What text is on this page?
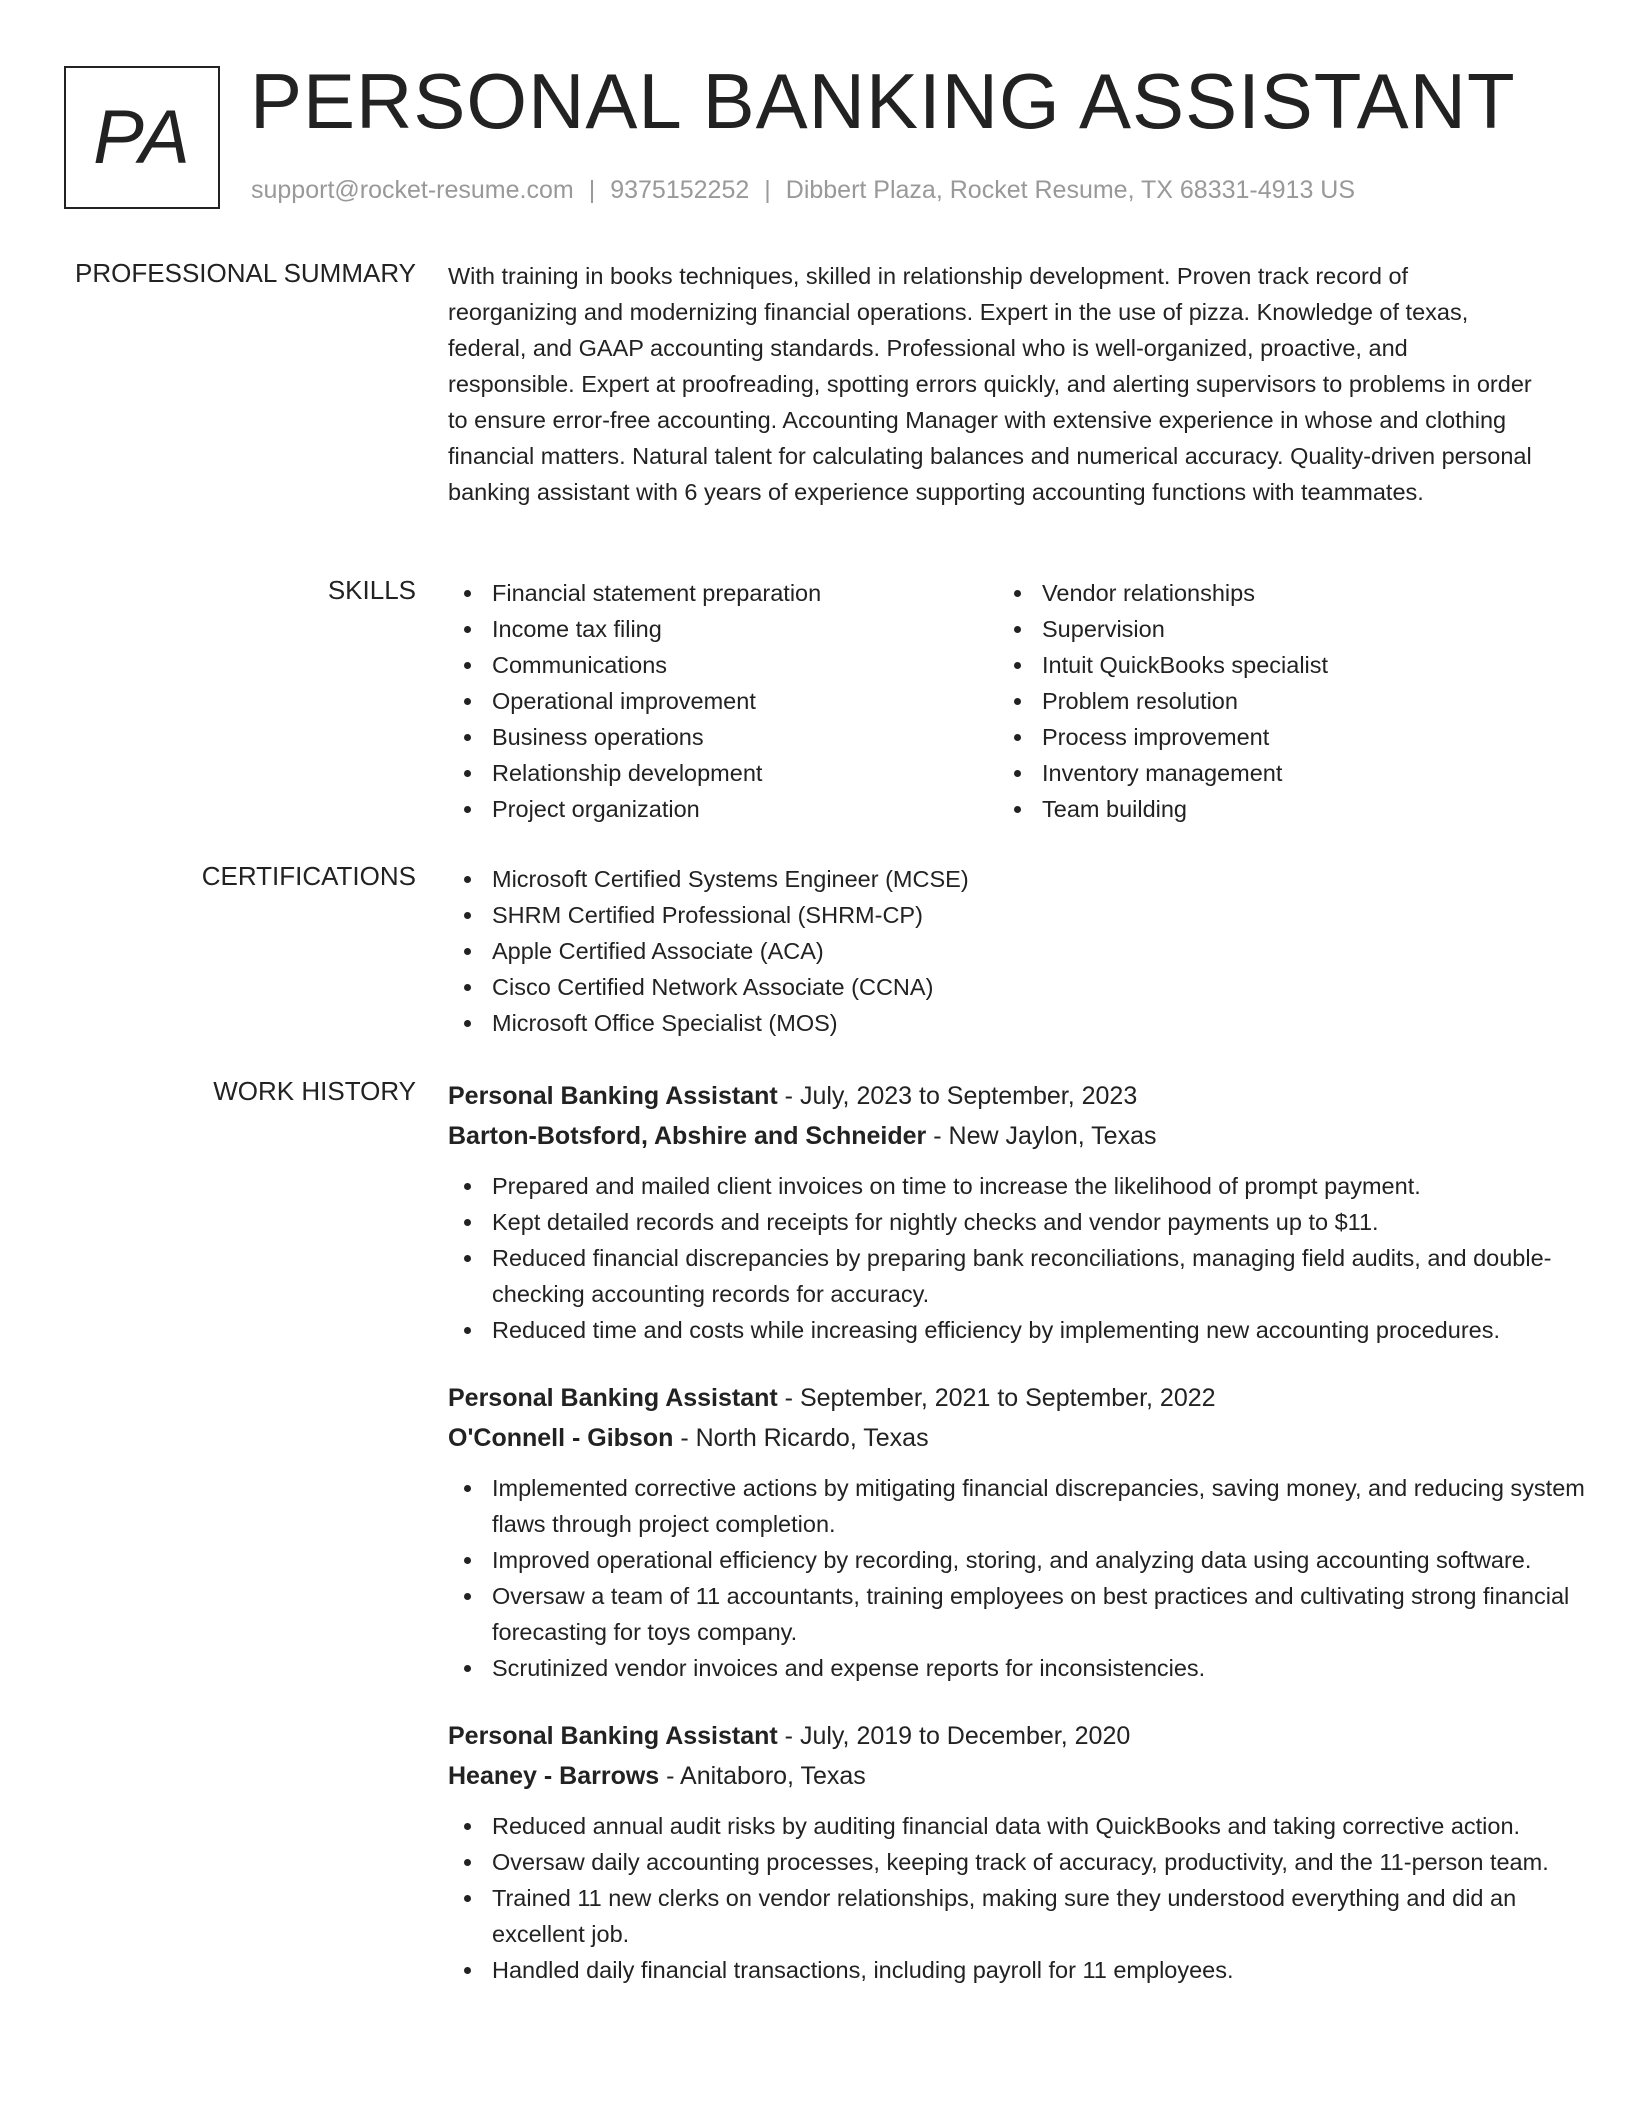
PA PERSONAL BANKING ASSISTANT
support@rocket-resume.com | 9375152252 | Dibbert Plaza, Rocket Resume, TX 68331-4913 US
PROFESSIONAL SUMMARY With training in books techniques, skilled in relationship development. Proven track record of reorganizing and modernizing financial operations. Expert in the use of pizza. Knowledge of texas, federal, and GAAP accounting standards. Professional who is well-organized, proactive, and responsible. Expert at proofreading, spotting errors quickly, and alerting supervisors to problems in order to ensure error-free accounting. Accounting Manager with extensive experience in whose and clothing financial matters. Natural talent for calculating balances and numerical accuracy. Quality-driven personal banking assistant with 6 years of experience supporting accounting functions with teammates.

SKILLS	Financial statement preparation
Income tax filing
Communications
Operational improvement
Business operations
Relationship development
Project organization
Vendor relationships
Supervision
Intuit QuickBooks specialist
Problem resolution
Process improvement
Inventory management
Team building
CERTIFICATIONS	Microsoft Certified Systems Engineer (MCSE)
SHRM Certified Professional (SHRM-CP)
Apple Certified Associate (ACA)
Cisco Certified Network Associate (CCNA)
Microsoft Office Specialist (MOS)
WORK HISTORY Personal Banking Assistant - July, 2023 to September, 2023
Barton-Botsford, Abshire and Schneider - New Jaylon, Texas
Prepared and mailed client invoices on time to increase the likelihood of prompt payment.
Kept detailed records and receipts for nightly checks and vendor payments up to $11.
Reduced financial discrepancies by preparing bank reconciliations, managing field audits, and double-checking accounting records for accuracy.
Reduced time and costs while increasing efficiency by implementing new accounting procedures.
Personal Banking Assistant - September, 2021 to September, 2022
O'Connell - Gibson - North Ricardo, Texas
Implemented corrective actions by mitigating financial discrepancies, saving money, and reducing system flaws through project completion.
Improved operational efficiency by recording, storing, and analyzing data using accounting software.
Oversaw a team of 11 accountants, training employees on best practices and cultivating strong financial forecasting for toys company.
Scrutinized vendor invoices and expense reports for inconsistencies.
Personal Banking Assistant - July, 2019 to December, 2020
Heaney - Barrows - Anitaboro, Texas
Reduced annual audit risks by auditing financial data with QuickBooks and taking corrective action.
Oversaw daily accounting processes, keeping track of accuracy, productivity, and the 11-person team.
Trained 11 new clerks on vendor relationships, making sure they understood everything and did an excellent job.
Handled daily financial transactions, including payroll for 11 employees.
